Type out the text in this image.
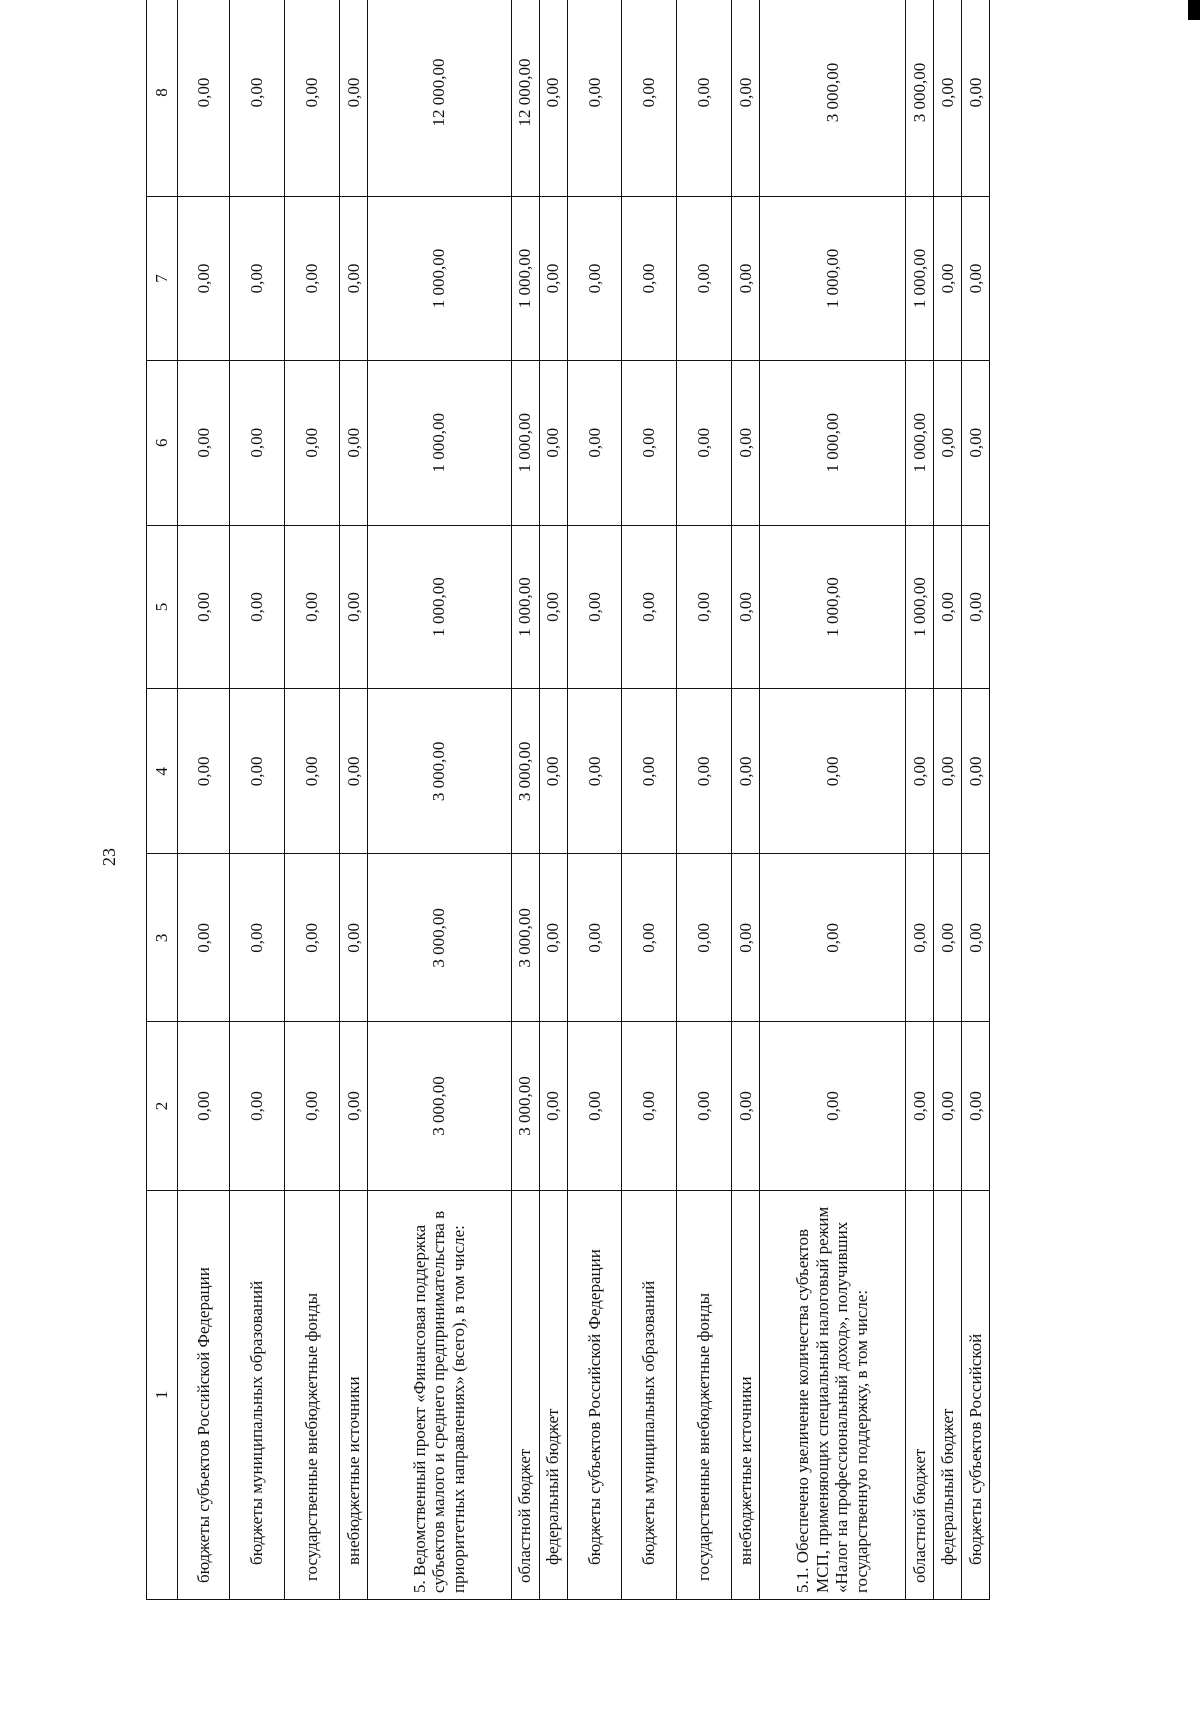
23
1	2	3	4	5	6	7	8
бюджеты субъектов Российской Федерации	0,00	0,00	0,00	0,00	0,00	0,00	0,00
бюджеты муниципальных образований	0,00	0,00	0,00	0,00	0,00	0,00	0,00
государственные внебюджетные фонды	0,00	0,00	0,00	0,00	0,00	0,00	0,00
внебюджетные источники	0,00	0,00	0,00	0,00	0,00	0,00	0,00
5. Ведомственный проект «Финансовая поддержка субъектов малого и среднего предпринимательства в приоритетных направлениях» (всего), в том числе:	3 000,00	3 000,00	3 000,00	1 000,00	1 000,00	1 000,00	12 000,00
областной бюджет	3 000,00	3 000,00	3 000,00	1 000,00	1 000,00	1 000,00	12 000,00
федеральный бюджет	0,00	0,00	0,00	0,00	0,00	0,00	0,00
бюджеты субъектов Российской Федерации	0,00	0,00	0,00	0,00	0,00	0,00	0,00
бюджеты муниципальных образований	0,00	0,00	0,00	0,00	0,00	0,00	0,00
государственные внебюджетные фонды	0,00	0,00	0,00	0,00	0,00	0,00	0,00
внебюджетные источники	0,00	0,00	0,00	0,00	0,00	0,00	0,00
5.1. Обеспечено увеличение количества субъектов МСП, применяющих специальный налоговый режим «Налог на профессиональный доход», получивших государственную поддержку, в том числе:	0,00	0,00	0,00	1 000,00	1 000,00	1 000,00	3 000,00
областной бюджет	0,00	0,00	0,00	1 000,00	1 000,00	1 000,00	3 000,00
федеральный бюджет	0,00	0,00	0,00	0,00	0,00	0,00	0,00
бюджеты субъектов Российской	0,00	0,00	0,00	0,00	0,00	0,00	0,00
